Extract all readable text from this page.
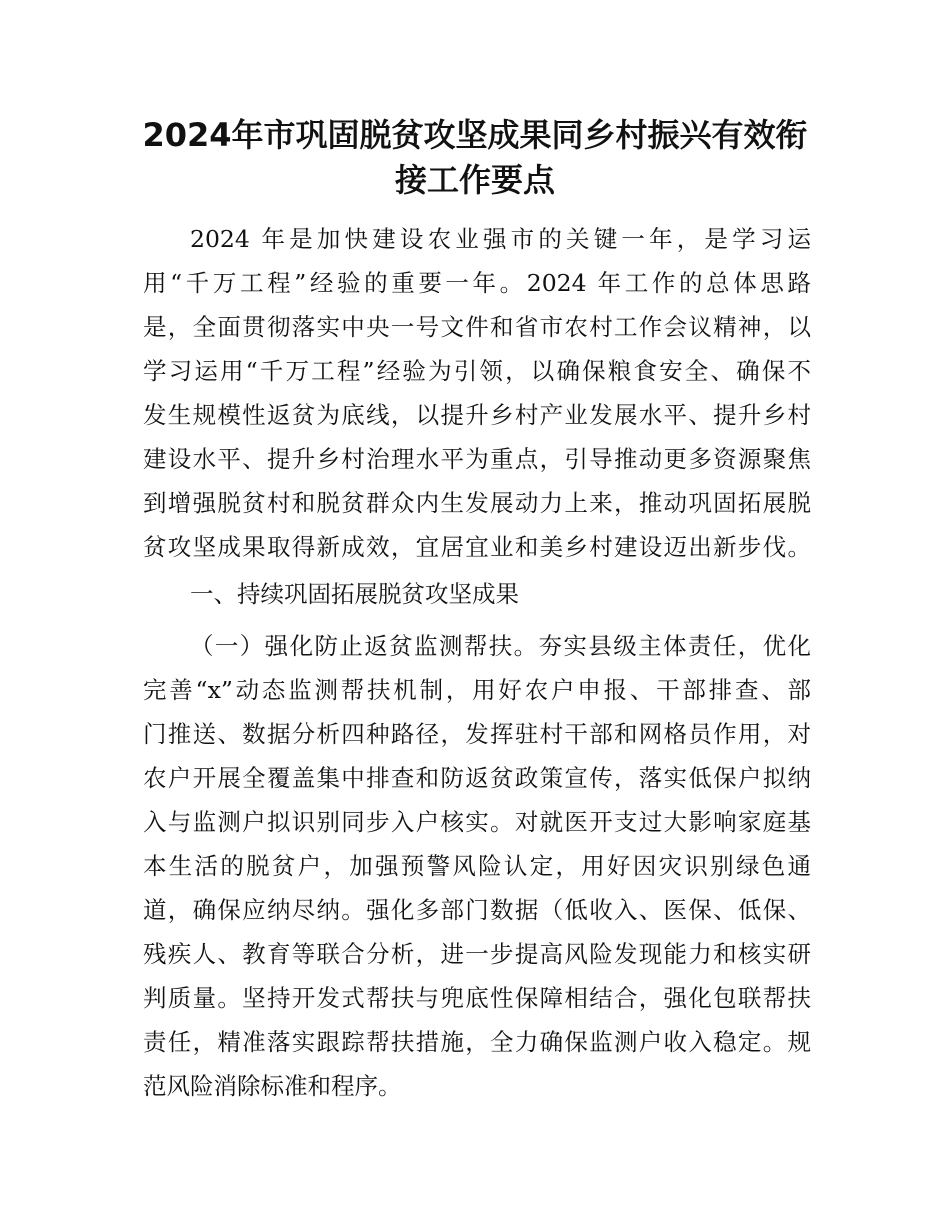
2024年市巩固脱贫攻坚成果同乡村振兴有效衔
接工作要点

2024 年是加快建设农业强市的关键一年，是学习运

用“千万工程”经验的重要一年。2024 年工作的总体思路

是，全面贯彻落实中央一号文件和省市农村工作会议精神，以

学习运用“千万工程”经验为引领，以确保粮食安全、确保不

发生规模性返贫为底线，以提升乡村产业发展水平、提升乡村

建设水平、提升乡村治理水平为重点，引导推动更多资源聚焦

到增强脱贫村和脱贫群众内生发展动力上来，推动巩固拓展脱

贫攻坚成果取得新成效，宜居宜业和美乡村建设迈出新步伐。

一、持续巩固拓展脱贫攻坚成果

（一）强化防止返贫监测帮扶。夯实县级主体责任，优化

完善“x”动态监测帮扶机制，用好农户申报、干部排查、部

门推送、数据分析四种路径，发挥驻村干部和网格员作用，对

农户开展全覆盖集中排查和防返贫政策宣传，落实低保户拟纳

入与监测户拟识别同步入户核实。对就医开支过大影响家庭基

本生活的脱贫户，加强预警风险认定，用好因灾识别绿色通

道，确保应纳尽纳。强化多部门数据（低收入、医保、低保、

残疾人、教育等联合分析，进一步提高风险发现能力和核实研

判质量。坚持开发式帮扶与兜底性保障相结合，强化包联帮扶

责任，精准落实跟踪帮扶措施，全力确保监测户收入稳定。规

范风险消除标准和程序。
